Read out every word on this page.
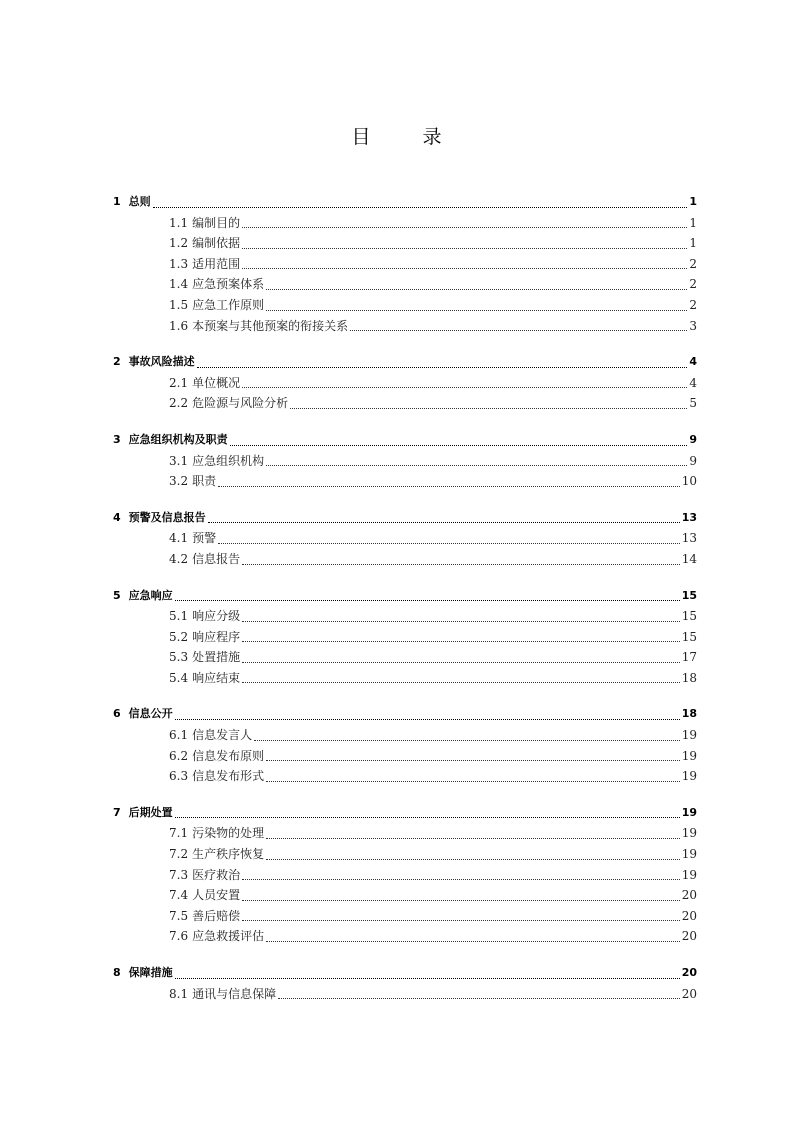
目	录
1 总则	1
1.1 编制目的	1
1.2 编制依据	1
1.3 适用范围	2
1.4 应急预案体系	2
1.5 应急工作原则	2
1.6 本预案与其他预案的衔接关系	3
2 事故风险描述	4
2.1 单位概况	4
2.2 危险源与风险分析	5
3 应急组织机构及职责	9
3.1 应急组织机构	9
3.2 职责	10
4 预警及信息报告	13
4.1 预警	13
4.2 信息报告	14
5 应急响应	15
5.1 响应分级	15
5.2 响应程序	15
5.3 处置措施	17
5.4 响应结束	18
6 信息公开	18
6.1 信息发言人	19
6.2 信息发布原则	19
6.3 信息发布形式	19
7 后期处置	19
7.1 污染物的处理	19
7.2 生产秩序恢复	19
7.3 医疗救治	19
7.4 人员安置	20
7.5 善后赔偿	20
7.6 应急救援评估	20
8 保障措施	20
8.1 通讯与信息保障	20
